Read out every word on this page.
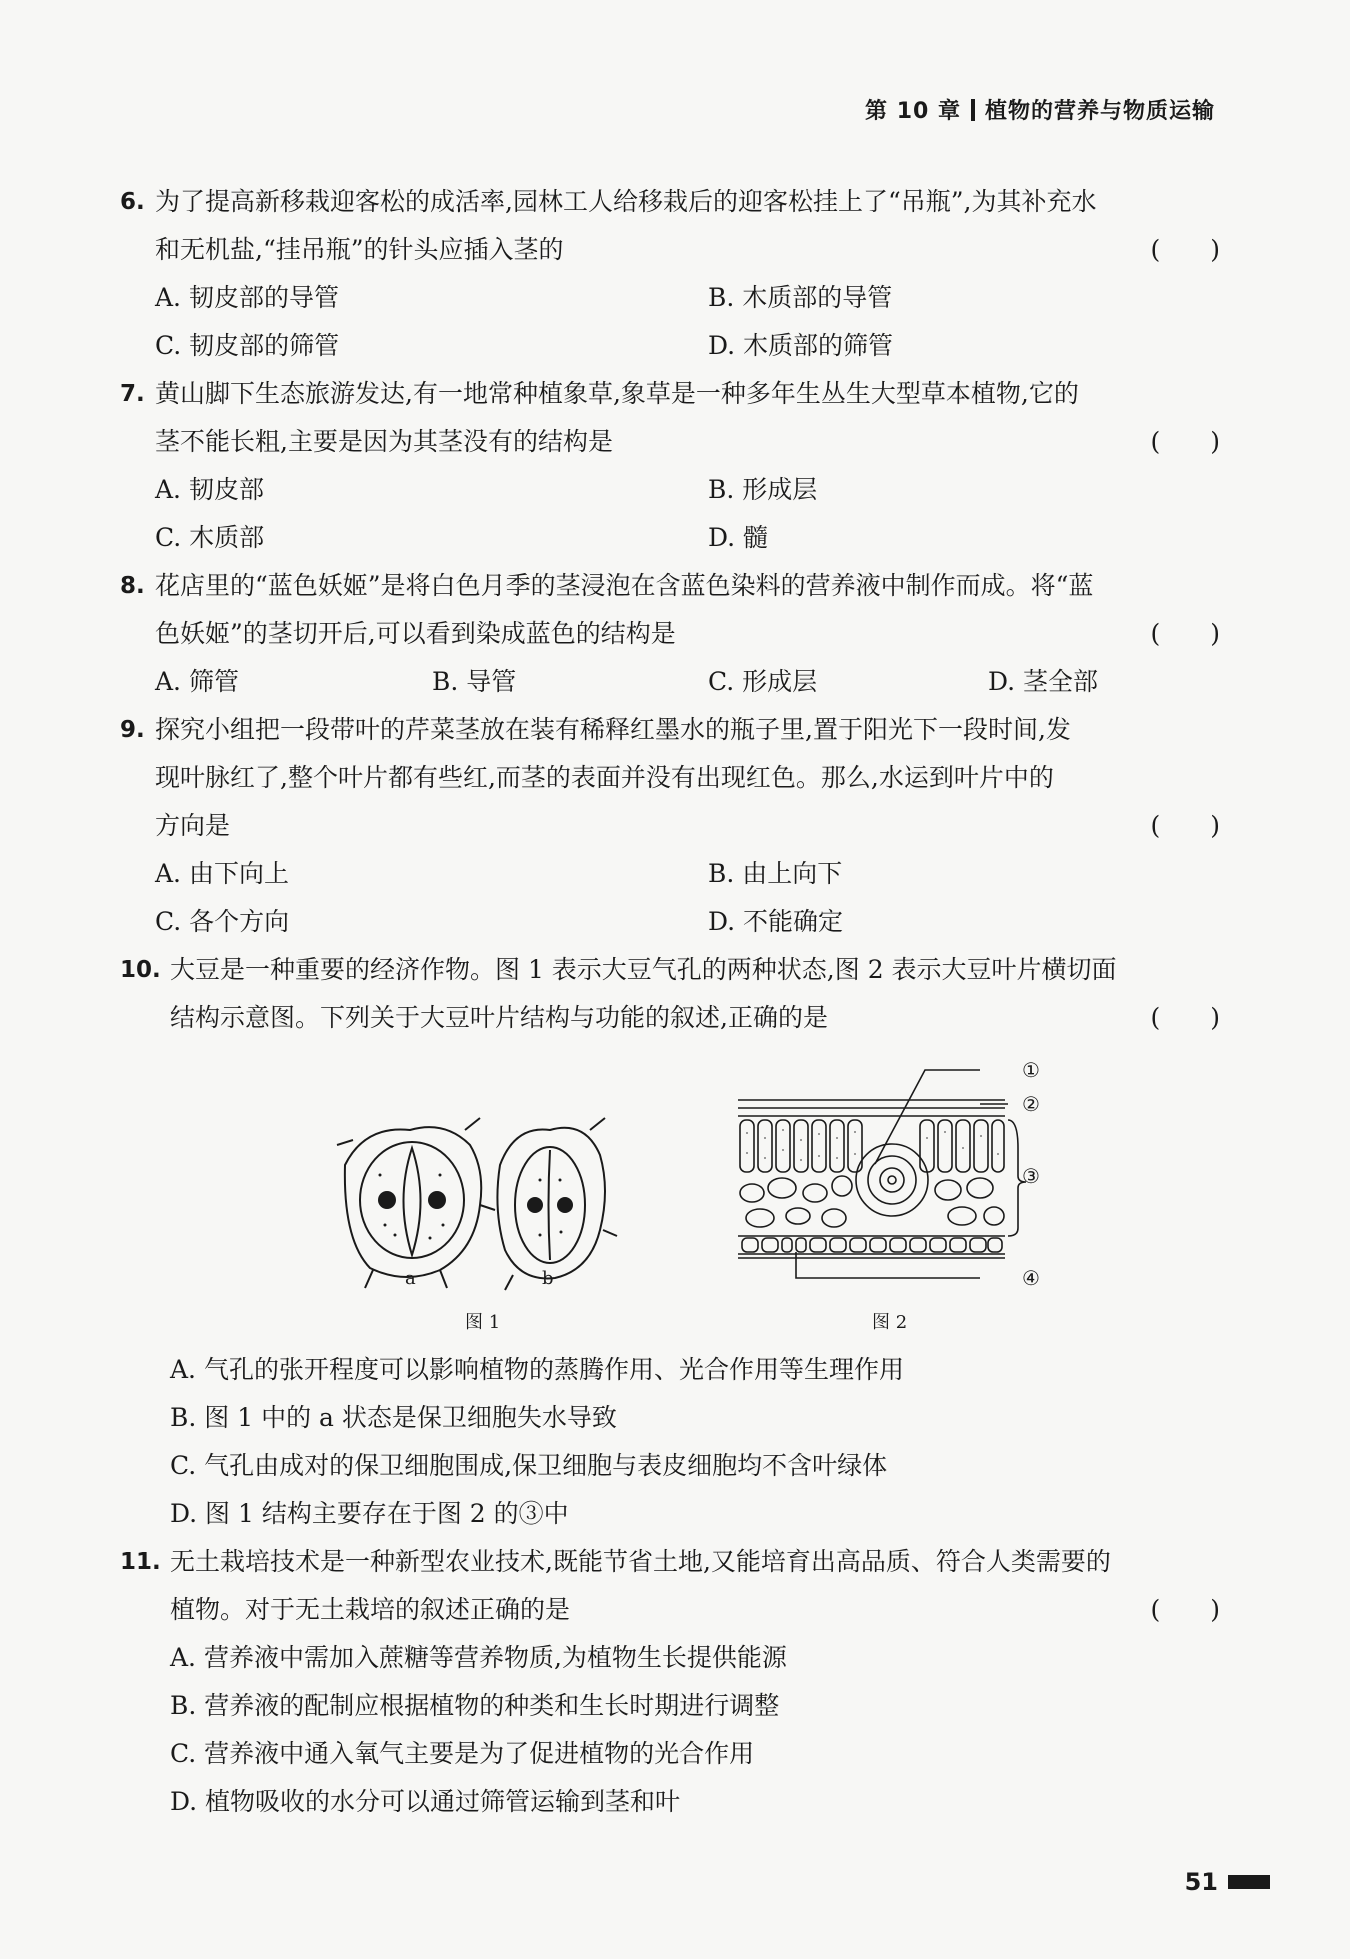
第 10 章 植物的营养与物质运输
6. 为了提高新移栽迎客松的成活率,园林工人给移栽后的迎客松挂上了“吊瓶”,为其补充水
和无机盐,“挂吊瓶”的针头应插入茎的	(　　)
A. 韧皮部的导管	B. 木质部的导管
C. 韧皮部的筛管	D. 木质部的筛管
7. 黄山脚下生态旅游发达,有一地常种植象草,象草是一种多年生丛生大型草本植物,它的
茎不能长粗,主要是因为其茎没有的结构是	(　　)
A. 韧皮部	B. 形成层
C. 木质部	D. 髓
8. 花店里的“蓝色妖姬”是将白色月季的茎浸泡在含蓝色染料的营养液中制作而成。将“蓝
色妖姬”的茎切开后,可以看到染成蓝色的结构是	(　　)
A. 筛管	B. 导管	C. 形成层	D. 茎全部
9. 探究小组把一段带叶的芹菜茎放在装有稀释红墨水的瓶子里,置于阳光下一段时间,发
现叶脉红了,整个叶片都有些红,而茎的表面并没有出现红色。那么,水运到叶片中的
方向是	(　　)
A. 由下向上	B. 由上向下
C. 各个方向	D. 不能确定
10. 大豆是一种重要的经济作物。图 1 表示大豆气孔的两种状态,图 2 表示大豆叶片横切面
结构示意图。下列关于大豆叶片结构与功能的叙述,正确的是	(　　)
a	b
图 1
①
②
③
④
图 2
A. 气孔的张开程度可以影响植物的蒸腾作用、光合作用等生理作用
B. 图 1 中的 a 状态是保卫细胞失水导致
C. 气孔由成对的保卫细胞围成,保卫细胞与表皮细胞均不含叶绿体
D. 图 1 结构主要存在于图 2 的③中
11. 无土栽培技术是一种新型农业技术,既能节省土地,又能培育出高品质、符合人类需要的
植物。对于无土栽培的叙述正确的是	(　　)
A. 营养液中需加入蔗糖等营养物质,为植物生长提供能源
B. 营养液的配制应根据植物的种类和生长时期进行调整
C. 营养液中通入氧气主要是为了促进植物的光合作用
D. 植物吸收的水分可以通过筛管运输到茎和叶
51
